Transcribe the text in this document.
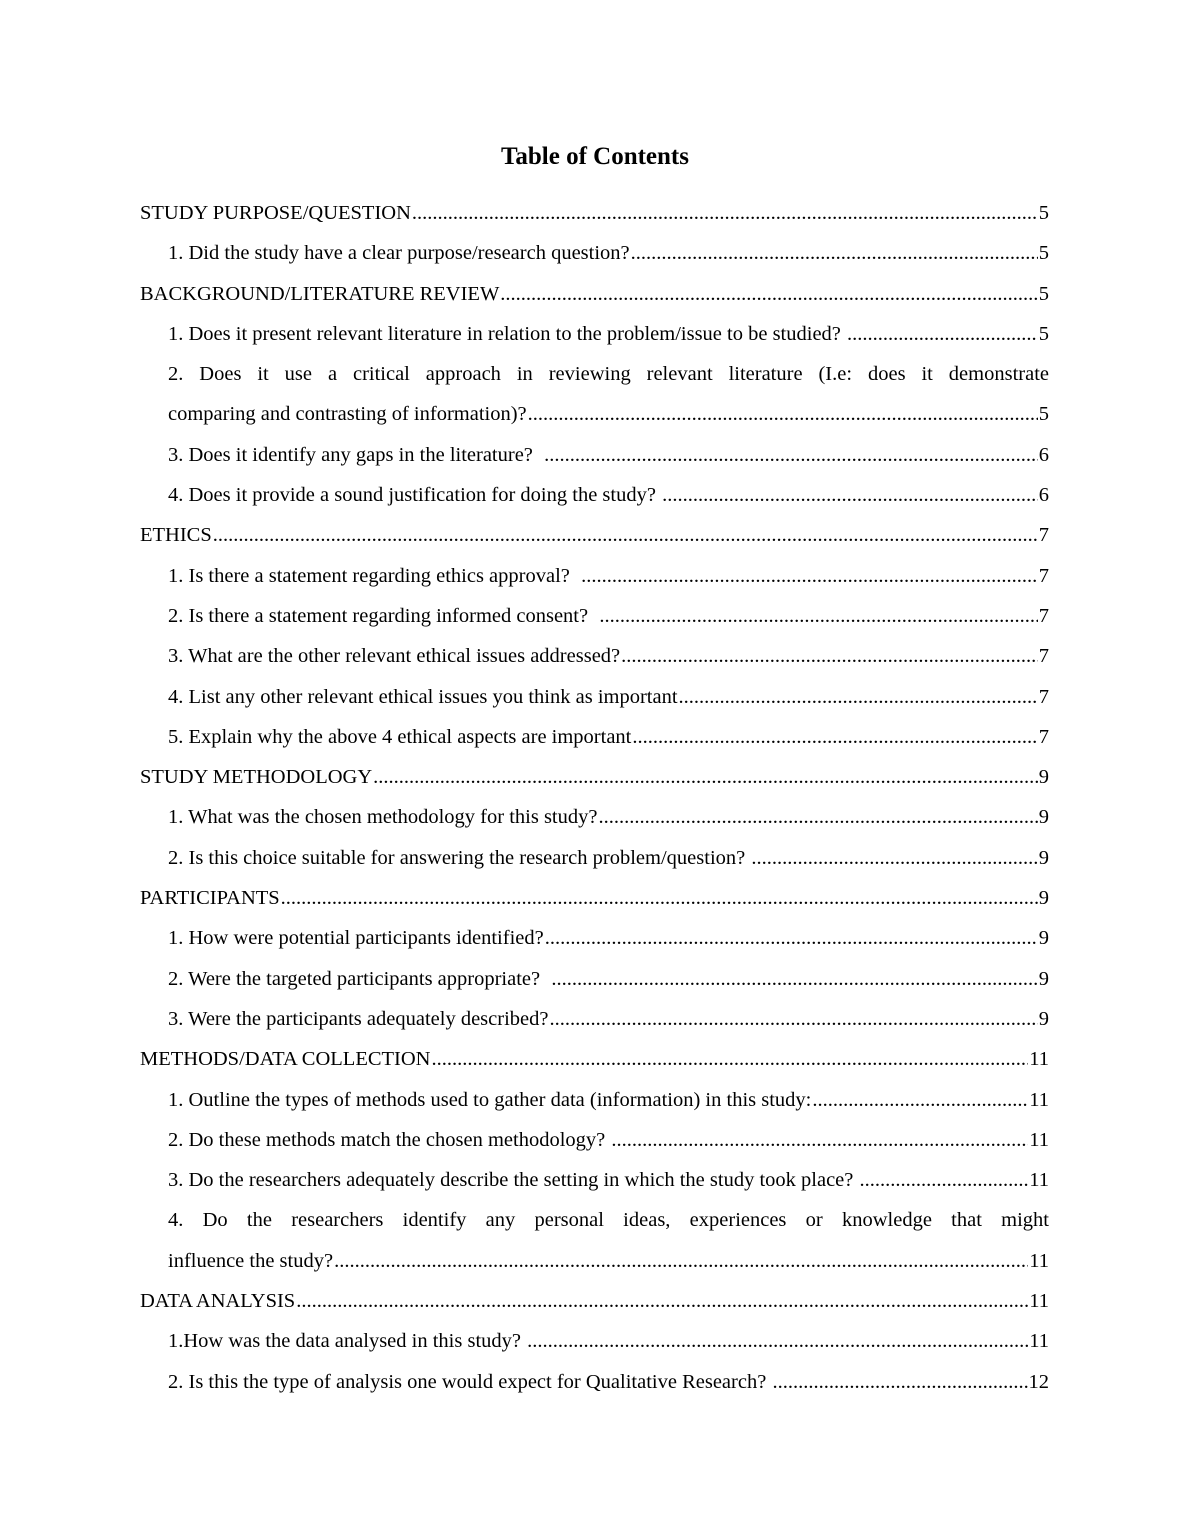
Table of Contents
STUDY PURPOSE/QUESTION .....	5
1. Did the study have a clear purpose/research question? .....	5
BACKGROUND/LITERATURE REVIEW .....	5
1. Does it present relevant literature in relation to the problem/issue to be studied? .....	5
2. Does it use a critical approach in reviewing relevant literature (I.e: does it demonstrate
comparing and contrasting of information)? .....	5
3. Does it identify any gaps in the literature? .....	6
4. Does it provide a sound justification for doing the study? .....	6
ETHICS .....	7
1. Is there a statement regarding ethics approval? .....	7
2. Is there a statement regarding informed consent? .....	7
3. What are the other relevant ethical issues addressed? .....	7
4. List any other relevant ethical issues you think as important .....	7
5. Explain why the above 4 ethical aspects are important .....	7
STUDY METHODOLOGY .....	9
1. What was the chosen methodology for this study? .....	9
2. Is this choice suitable for answering the research problem/question? .....	9
PARTICIPANTS .....	9
1. How were potential participants identified? .....	9
2. Were the targeted participants appropriate? .....	9
3. Were the participants adequately described? .....	9
METHODS/DATA COLLECTION .....	11
1. Outline the types of methods used to gather data (information) in this study: .....	11
2. Do these methods match the chosen methodology? .....	11
3. Do the researchers adequately describe the setting in which the study took place? .....	11
4. Do the researchers identify any personal ideas, experiences or knowledge that might
influence the study? .....	11
DATA ANALYSIS .....	11
1.How was the data analysed in this study? .....	11
2. Is this the type of analysis one would expect for Qualitative Research? .....	12
